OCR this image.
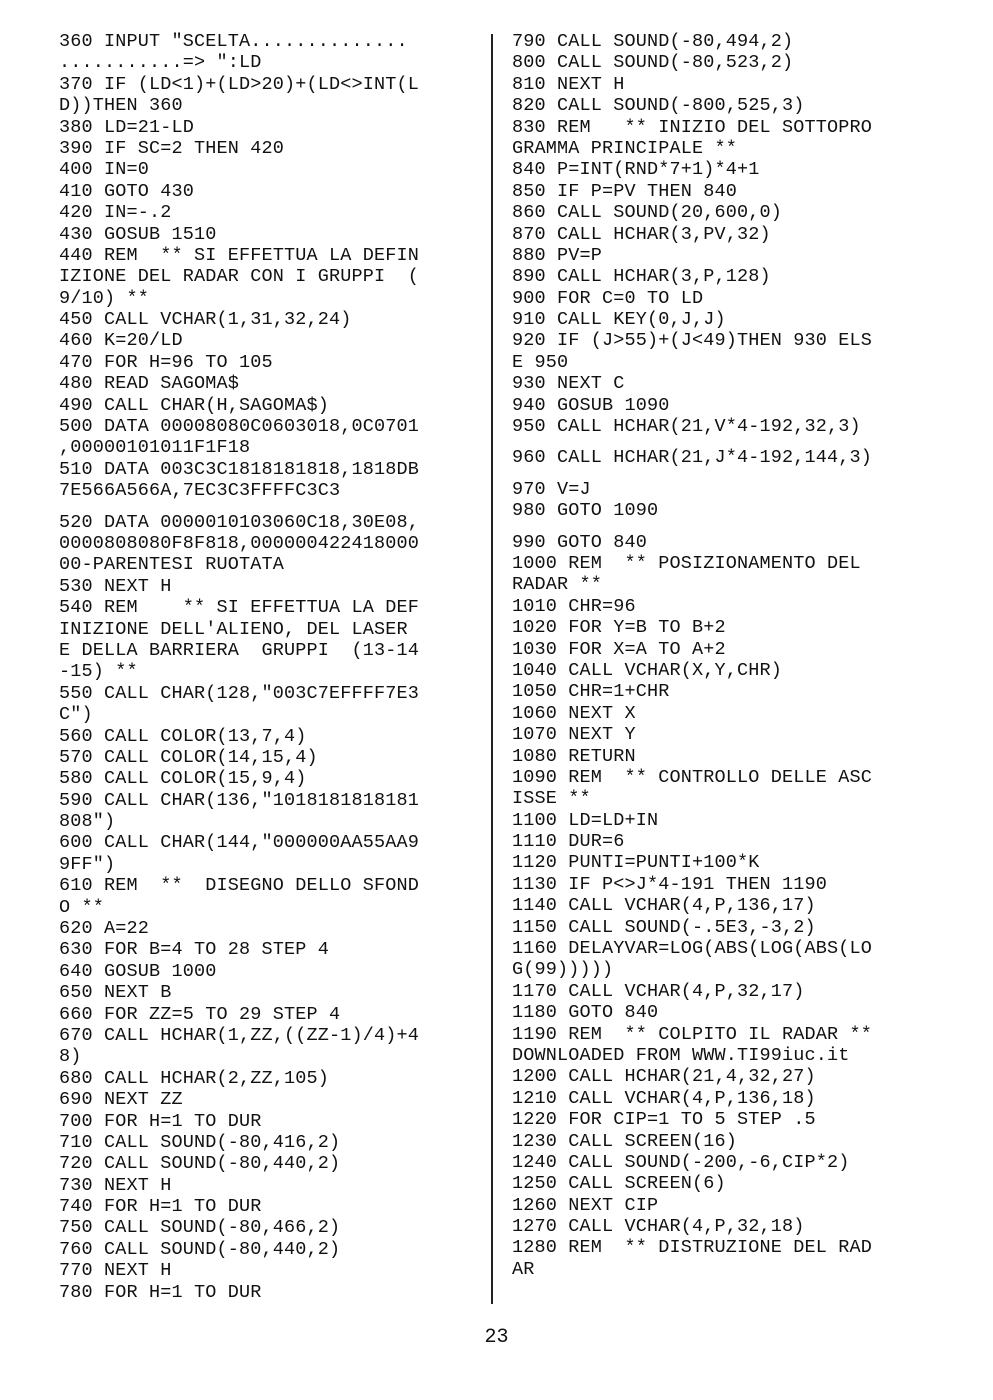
360 INPUT "SCELTA..............
...........=> ":LD
370 IF (LD<1)+(LD>20)+(LD<>INT(L
D))THEN 360
380 LD=21-LD
390 IF SC=2 THEN 420
400 IN=0
410 GOTO 430
420 IN=-.2
430 GOSUB 1510
440 REM  ** SI EFFETTUA LA DEFIN
IZIONE DEL RADAR CON I GRUPPI  (
9/10) **
450 CALL VCHAR(1,31,32,24)
460 K=20/LD
470 FOR H=96 TO 105
480 READ SAGOMA$
490 CALL CHAR(H,SAGOMA$)
500 DATA 00008080C0603018,0C0701
,00000101011F1F18
510 DATA 003C3C1818181818,1818DB
7E566A566A,7EC3C3FFFFC3C3
520 DATA 0000010103060C18,30E08,
0000808080F8F818,000000422418000
00-PARENTESI RUOTATA
530 NEXT H
540 REM    ** SI EFFETTUA LA DEF
INIZIONE DELL'ALIENO, DEL LASER
E DELLA BARRIERA  GRUPPI  (13-14
-15) **
550 CALL CHAR(128,"003C7EFFFF7E3
C")
560 CALL COLOR(13,7,4)
570 CALL COLOR(14,15,4)
580 CALL COLOR(15,9,4)
590 CALL CHAR(136,"1018181818181
808")
600 CALL CHAR(144,"000000AA55AA9
9FF")
610 REM  **  DISEGNO DELLO SFOND
O **
620 A=22
630 FOR B=4 TO 28 STEP 4
640 GOSUB 1000
650 NEXT B
660 FOR ZZ=5 TO 29 STEP 4
670 CALL HCHAR(1,ZZ,((ZZ-1)/4)+4
8)
680 CALL HCHAR(2,ZZ,105)
690 NEXT ZZ
700 FOR H=1 TO DUR
710 CALL SOUND(-80,416,2)
720 CALL SOUND(-80,440,2)
730 NEXT H
740 FOR H=1 TO DUR
750 CALL SOUND(-80,466,2)
760 CALL SOUND(-80,440,2)
770 NEXT H
780 FOR H=1 TO DUR
790 CALL SOUND(-80,494,2)
800 CALL SOUND(-80,523,2)
810 NEXT H
820 CALL SOUND(-800,525,3)
830 REM   ** INIZIO DEL SOTTOPRO
GRAMMA PRINCIPALE **
840 P=INT(RND*7+1)*4+1
850 IF P=PV THEN 840
860 CALL SOUND(20,600,0)
870 CALL HCHAR(3,PV,32)
880 PV=P
890 CALL HCHAR(3,P,128)
900 FOR C=0 TO LD
910 CALL KEY(0,J,J)
920 IF (J>55)+(J<49)THEN 930 ELS
E 950
930 NEXT C
940 GOSUB 1090
950 CALL HCHAR(21,V*4-192,32,3)
960 CALL HCHAR(21,J*4-192,144,3)
970 V=J
980 GOTO 1090
990 GOTO 840
1000 REM  ** POSIZIONAMENTO DEL
RADAR **
1010 CHR=96
1020 FOR Y=B TO B+2
1030 FOR X=A TO A+2
1040 CALL VCHAR(X,Y,CHR)
1050 CHR=1+CHR
1060 NEXT X
1070 NEXT Y
1080 RETURN
1090 REM  ** CONTROLLO DELLE ASC
ISSE **
1100 LD=LD+IN
1110 DUR=6
1120 PUNTI=PUNTI+100*K
1130 IF P<>J*4-191 THEN 1190
1140 CALL VCHAR(4,P,136,17)
1150 CALL SOUND(-.5E3,-3,2)
1160 DELAYVAR=LOG(ABS(LOG(ABS(LO
G(99)))))
1170 CALL VCHAR(4,P,32,17)
1180 GOTO 840
1190 REM  ** COLPITO IL RADAR **
DOWNLOADED FROM WWW.TI99iuc.it
1200 CALL HCHAR(21,4,32,27)
1210 CALL VCHAR(4,P,136,18)
1220 FOR CIP=1 TO 5 STEP .5
1230 CALL SCREEN(16)
1240 CALL SOUND(-200,-6,CIP*2)
1250 CALL SCREEN(6)
1260 NEXT CIP
1270 CALL VCHAR(4,P,32,18)
1280 REM  ** DISTRUZIONE DEL RAD
AR
23
